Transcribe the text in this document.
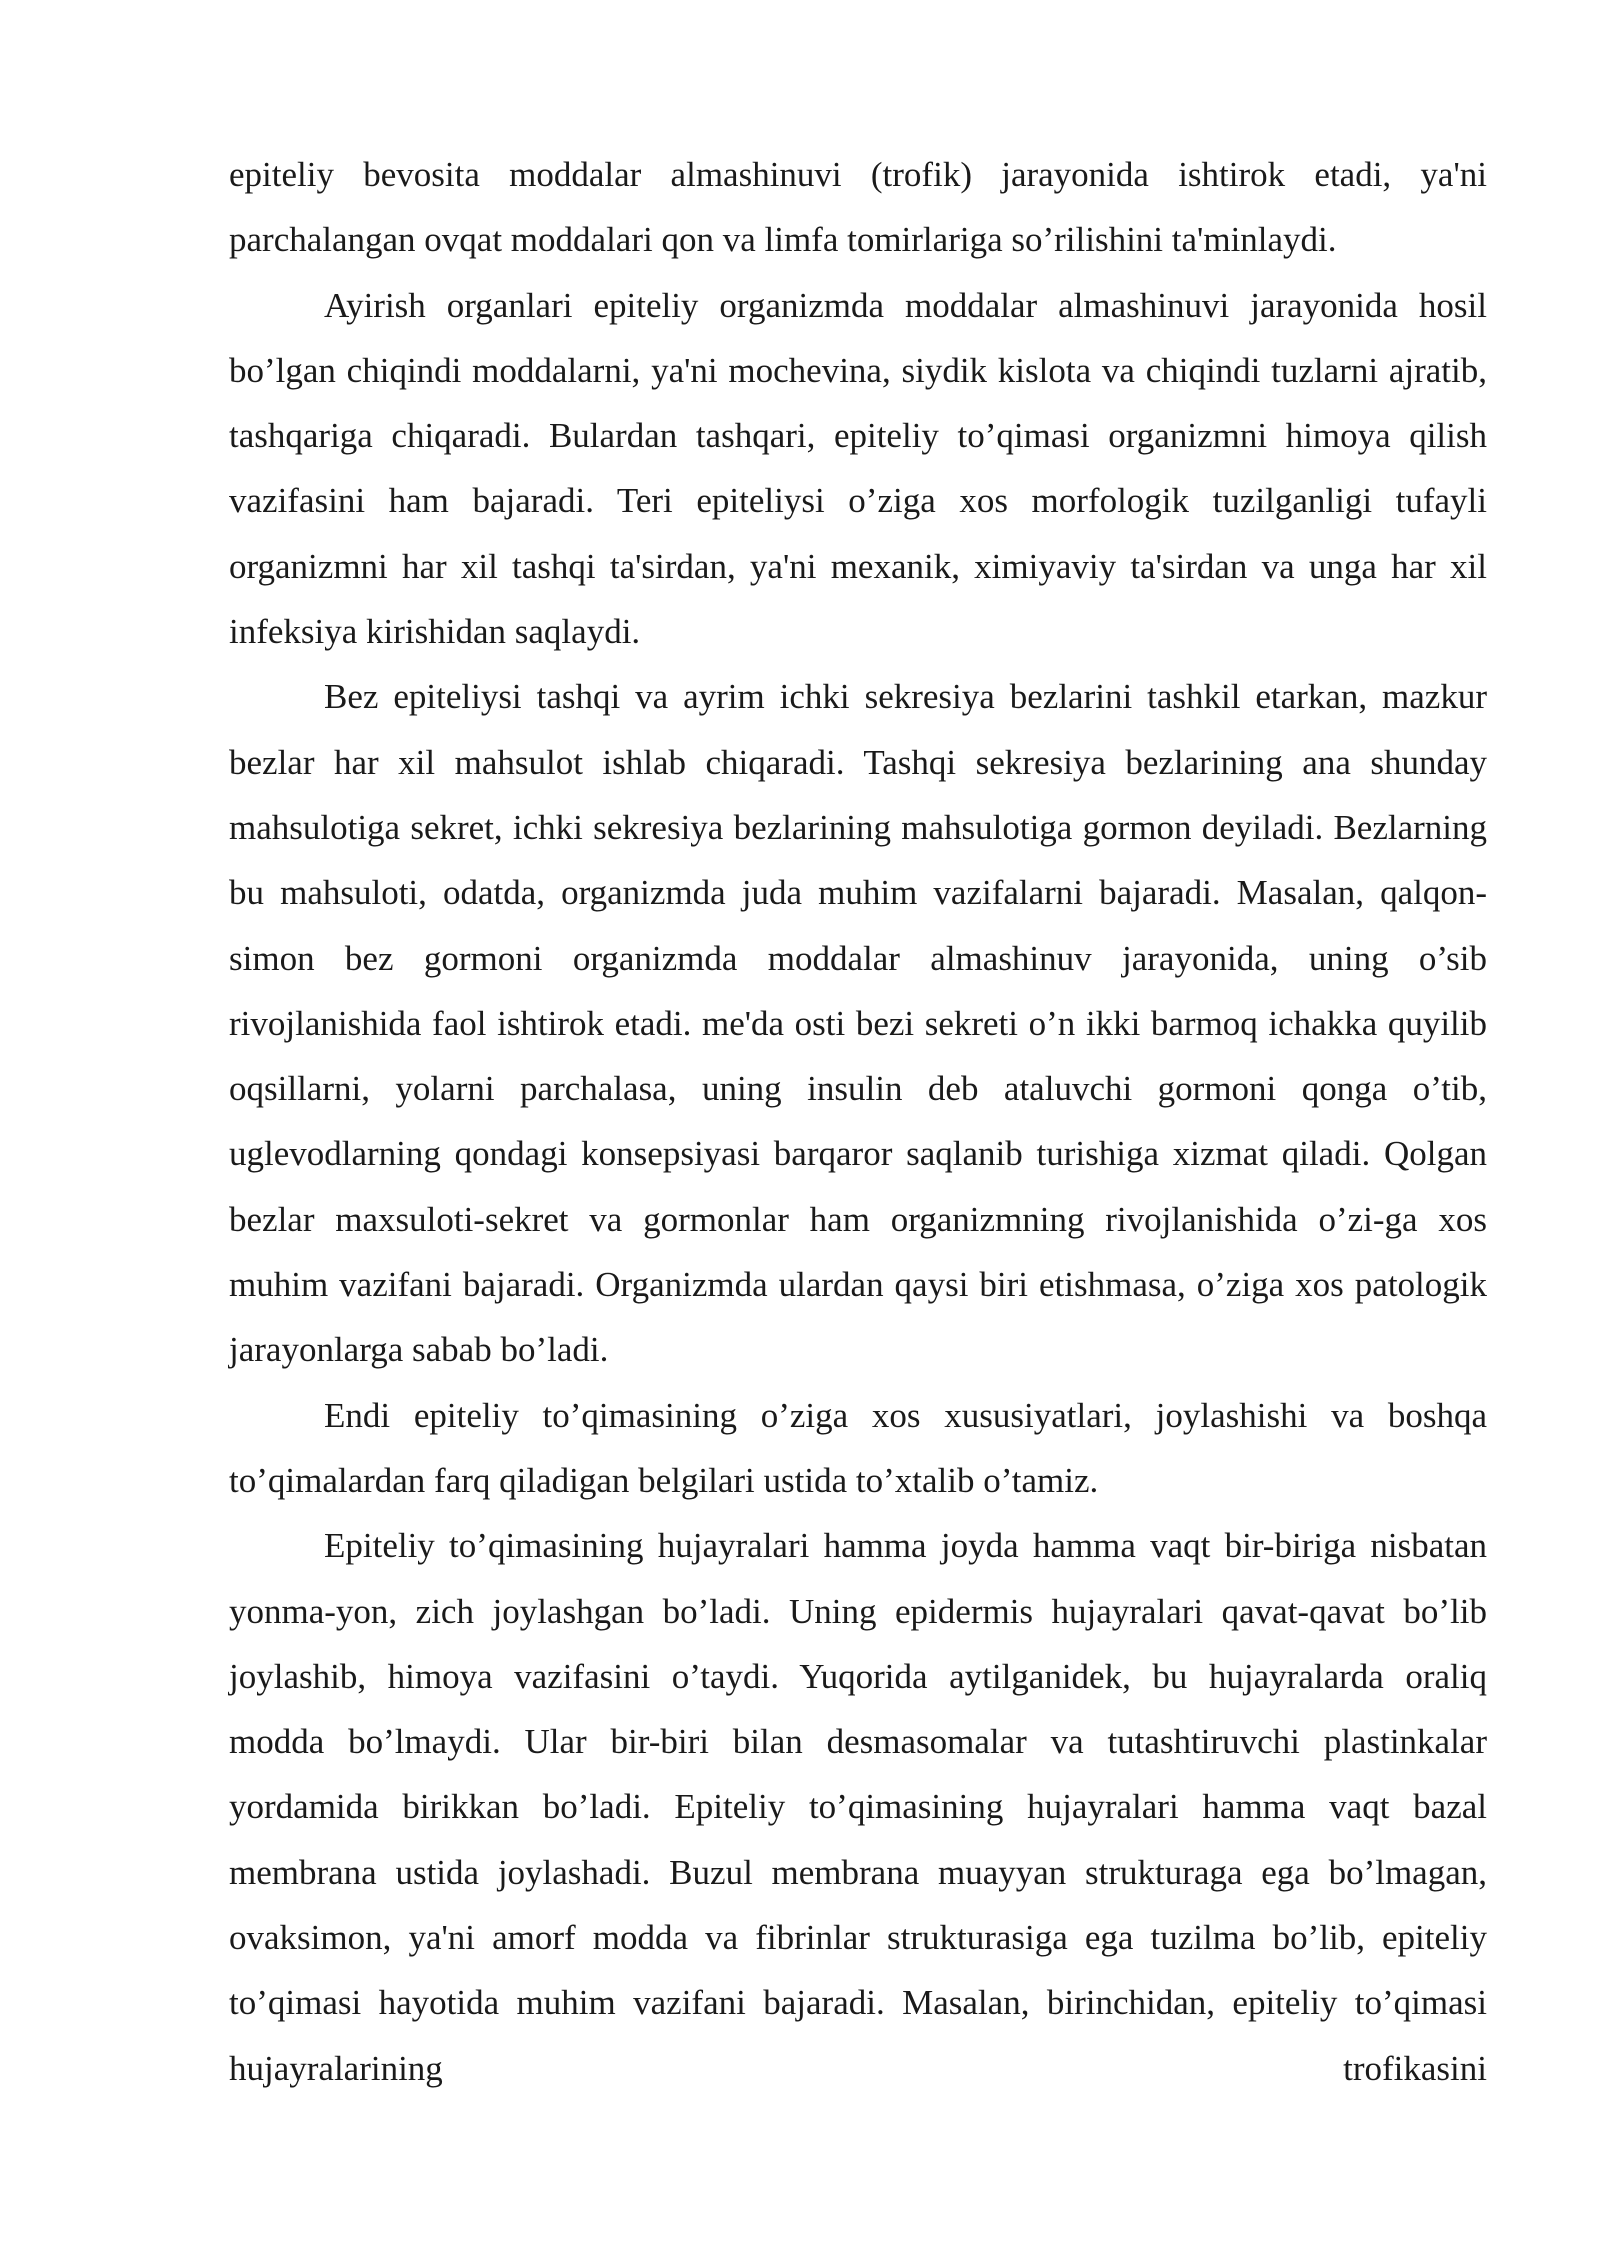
epiteliy bevosita moddalar almashinuvi (trofik) jarayonida ishtirok etadi, ya'ni parchalangan ovqat moddalari qon va limfa tomirlariga so’rilishini ta'minlaydi.

Ayirish organlari epiteliy organizmda moddalar almashinuvi jarayonida hosil bo’lgan chiqindi moddalarni, ya'ni mochevina, siydik kislota va chiqindi tuzlarni ajratib, tashqariga chiqaradi. Bulardan tashqari, epiteliy to’qimasi organizmni himoya qilish vazifasini ham bajaradi. Teri epiteliysi o’ziga xos morfologik tuzilganligi tufayli organizmni har xil tashqi ta'sirdan, ya'ni mexanik, ximiyaviy ta'sirdan va unga har xil infeksiya kirishidan saqlaydi.

Bez epiteliysi tashqi va ayrim ichki sekresiya bezlarini tashkil etarkan, mazkur bezlar har xil mahsulot ishlab chiqaradi. Tashqi sekresiya bezlarining ana shunday mahsulotiga sekret, ichki sekresiya bezlarining mahsulotiga gormon deyiladi. Bezlarning bu mahsuloti, odatda, organizmda juda muhim vazifalarni bajaradi. Masalan, qalqon-simon bez gormoni organizmda moddalar almashinuv jarayonida, uning o’sib rivojlanishida faol ishtirok etadi. me'da osti bezi sekreti o’n ikki barmoq ichakka quyilib oqsillarni, yolarni parchalasa, uning insulin deb ataluvchi gormoni qonga o’tib, uglevodlarning qondagi konsepsiyasi barqaror saqlanib turishiga xizmat qiladi. Qolgan bezlar maxsuloti-sekret va gormonlar ham organizmning rivojlanishida o’zi-ga xos muhim vazifani bajaradi. Organizmda ulardan qaysi biri etishmasa, o’ziga xos patologik jarayonlarga sabab bo’ladi.

Endi epiteliy to’qimasining o’ziga xos xususiyatlari, joylashishi va boshqa to’qimalardan farq qiladigan belgilari ustida to’xtalib o’tamiz.

Epiteliy to’qimasining hujayralari hamma joyda hamma vaqt bir-biriga nisbatan yonma-yon, zich joylashgan bo’ladi. Uning epidermis hujayralari qavat-qavat bo’lib joylashib, himoya vazifasini o’taydi. Yuqorida aytilganidek, bu hujayralarda oraliq modda bo’lmaydi. Ular bir-biri bilan desmasomalar va tutashtiruvchi plastinkalar yordamida birikkan bo’ladi. Epiteliy to’qimasining hujayralari hamma vaqt bazal membrana ustida joylashadi. Buzul membrana muayyan strukturaga ega bo’lmagan, ovaksimon, ya'ni amorf modda va fibrinlar strukturasiga ega tuzilma bo’lib, epiteliy to’qimasi hayotida muhim vazifani bajaradi. Masalan, birinchidan, epiteliy to’qimasi hujayralarining trofikasini
